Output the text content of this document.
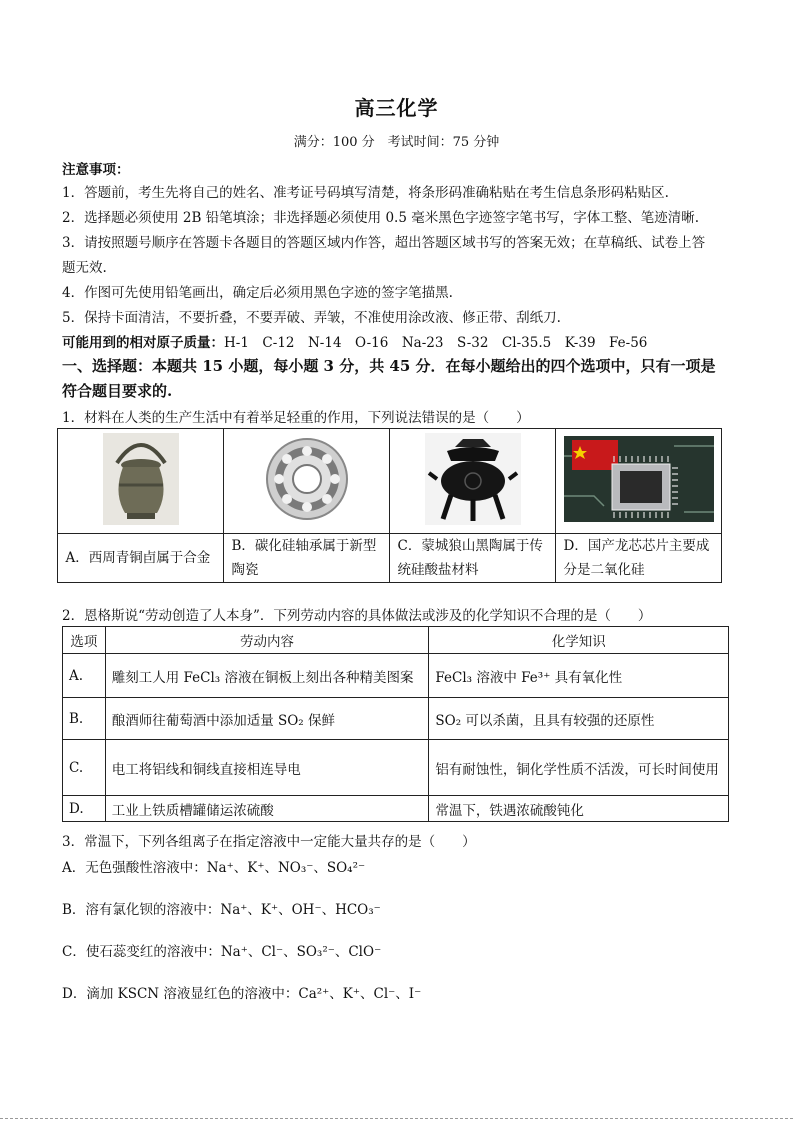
高三化学
满分：100 分　考试时间：75 分钟
注意事项：
1．答题前，考生先将自己的姓名、准考证号码填写清楚，将条形码准确粘贴在考生信息条形码粘贴区.
2．选择题必须使用 2B 铅笔填涂；非选择题必须使用 0.5 毫米黑色字迹签字笔书写，字体工整、笔迹清晰.
3．请按照题号顺序在答题卡各题目的答题区域内作答，超出答题区域书写的答案无效；在草稿纸、试卷上答
题无效.
4．作图可先使用铅笔画出，确定后必须用黑色字迹的签字笔描黑.
5．保持卡面清洁，不要折叠，不要弄破、弄皱，不准使用涂改液、修正带、刮纸刀.
可能用到的相对原子质量：H-1　C-12　N-14　O-16　Na-23　S-32　Cl-35.5　K-39　Fe-56
一、选择题：本题共 15 小题，每小题 3 分，共 45 分．在每小题给出的四个选项中，只有一项是
符合题目要求的.
1．材料在人类的生产生活中有着举足轻重的作用，下列说法错误的是（　　）

A．西周青铜卣属于合金	B．碳化硅轴承属于新型陶瓷	C．蒙城狼山黑陶属于传统硅酸盐材料	D．国产龙芯芯片主要成分是二氧化硅
2．恩格斯说“劳动创造了人本身”．下列劳动内容的具体做法或涉及的化学知识不合理的是（　　）
选项	劳动内容	化学知识
A.	雕刻工人用 FeCl₃ 溶液在铜板上刻出各种精美图案	FeCl₃ 溶液中 Fe³⁺ 具有氧化性
B.	酿酒师往葡萄酒中添加适量 SO₂ 保鲜	SO₂ 可以杀菌，且具有较强的还原性
C.	电工将铝线和铜线直接相连导电	铝有耐蚀性，铜化学性质不活泼，可长时间使用
D.	工业上铁质槽罐储运浓硫酸	常温下，铁遇浓硫酸钝化
3．常温下，下列各组离子在指定溶液中一定能大量共存的是（　　）
A．无色强酸性溶液中：Na⁺、K⁺、NO₃⁻、SO₄²⁻
B．溶有氯化钡的溶液中：Na⁺、K⁺、OH⁻、HCO₃⁻
C．使石蕊变红的溶液中：Na⁺、Cl⁻、SO₃²⁻、ClO⁻
D．滴加 KSCN 溶液显红色的溶液中：Ca²⁺、K⁺、Cl⁻、I⁻
